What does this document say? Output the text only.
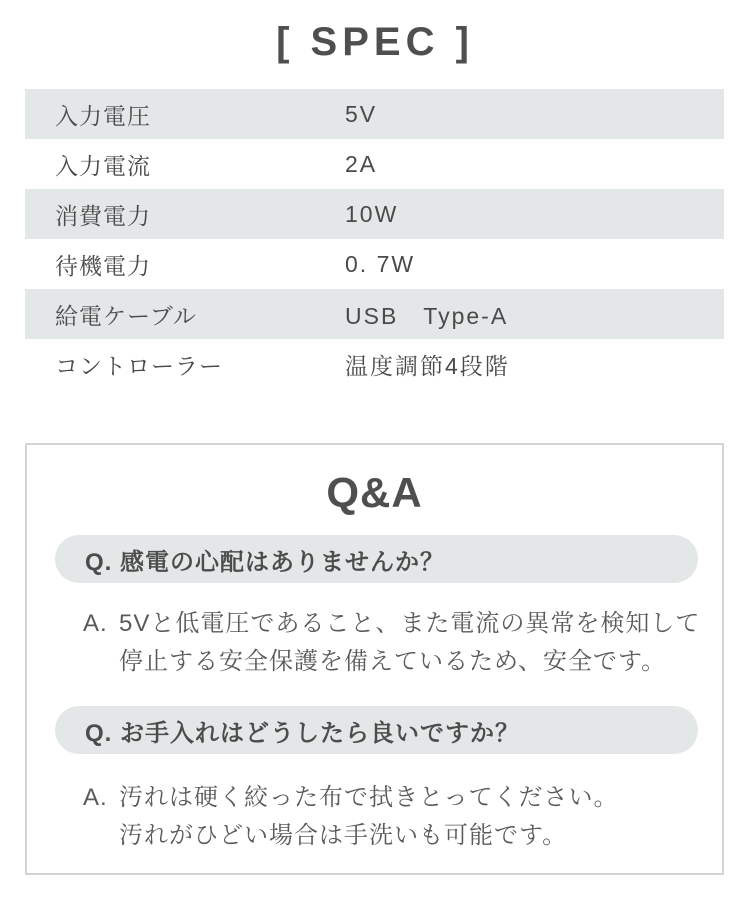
[ SPEC ]
入力電圧	5V
入力電流	2A
消費電力	10W
待機電力	0. 7W
給電ケーブル	USB　Type-A
コントローラー	温度調節4段階
Q&A
Q. 感電の心配はありませんか？
A. 5Vと低電圧であること、また電流の異常を検知して
停止する安全保護を備えているため、安全です。
Q. お手入れはどうしたら良いですか？
A. 汚れは硬く絞った布で拭きとってください。
汚れがひどい場合は手洗いも可能です。
